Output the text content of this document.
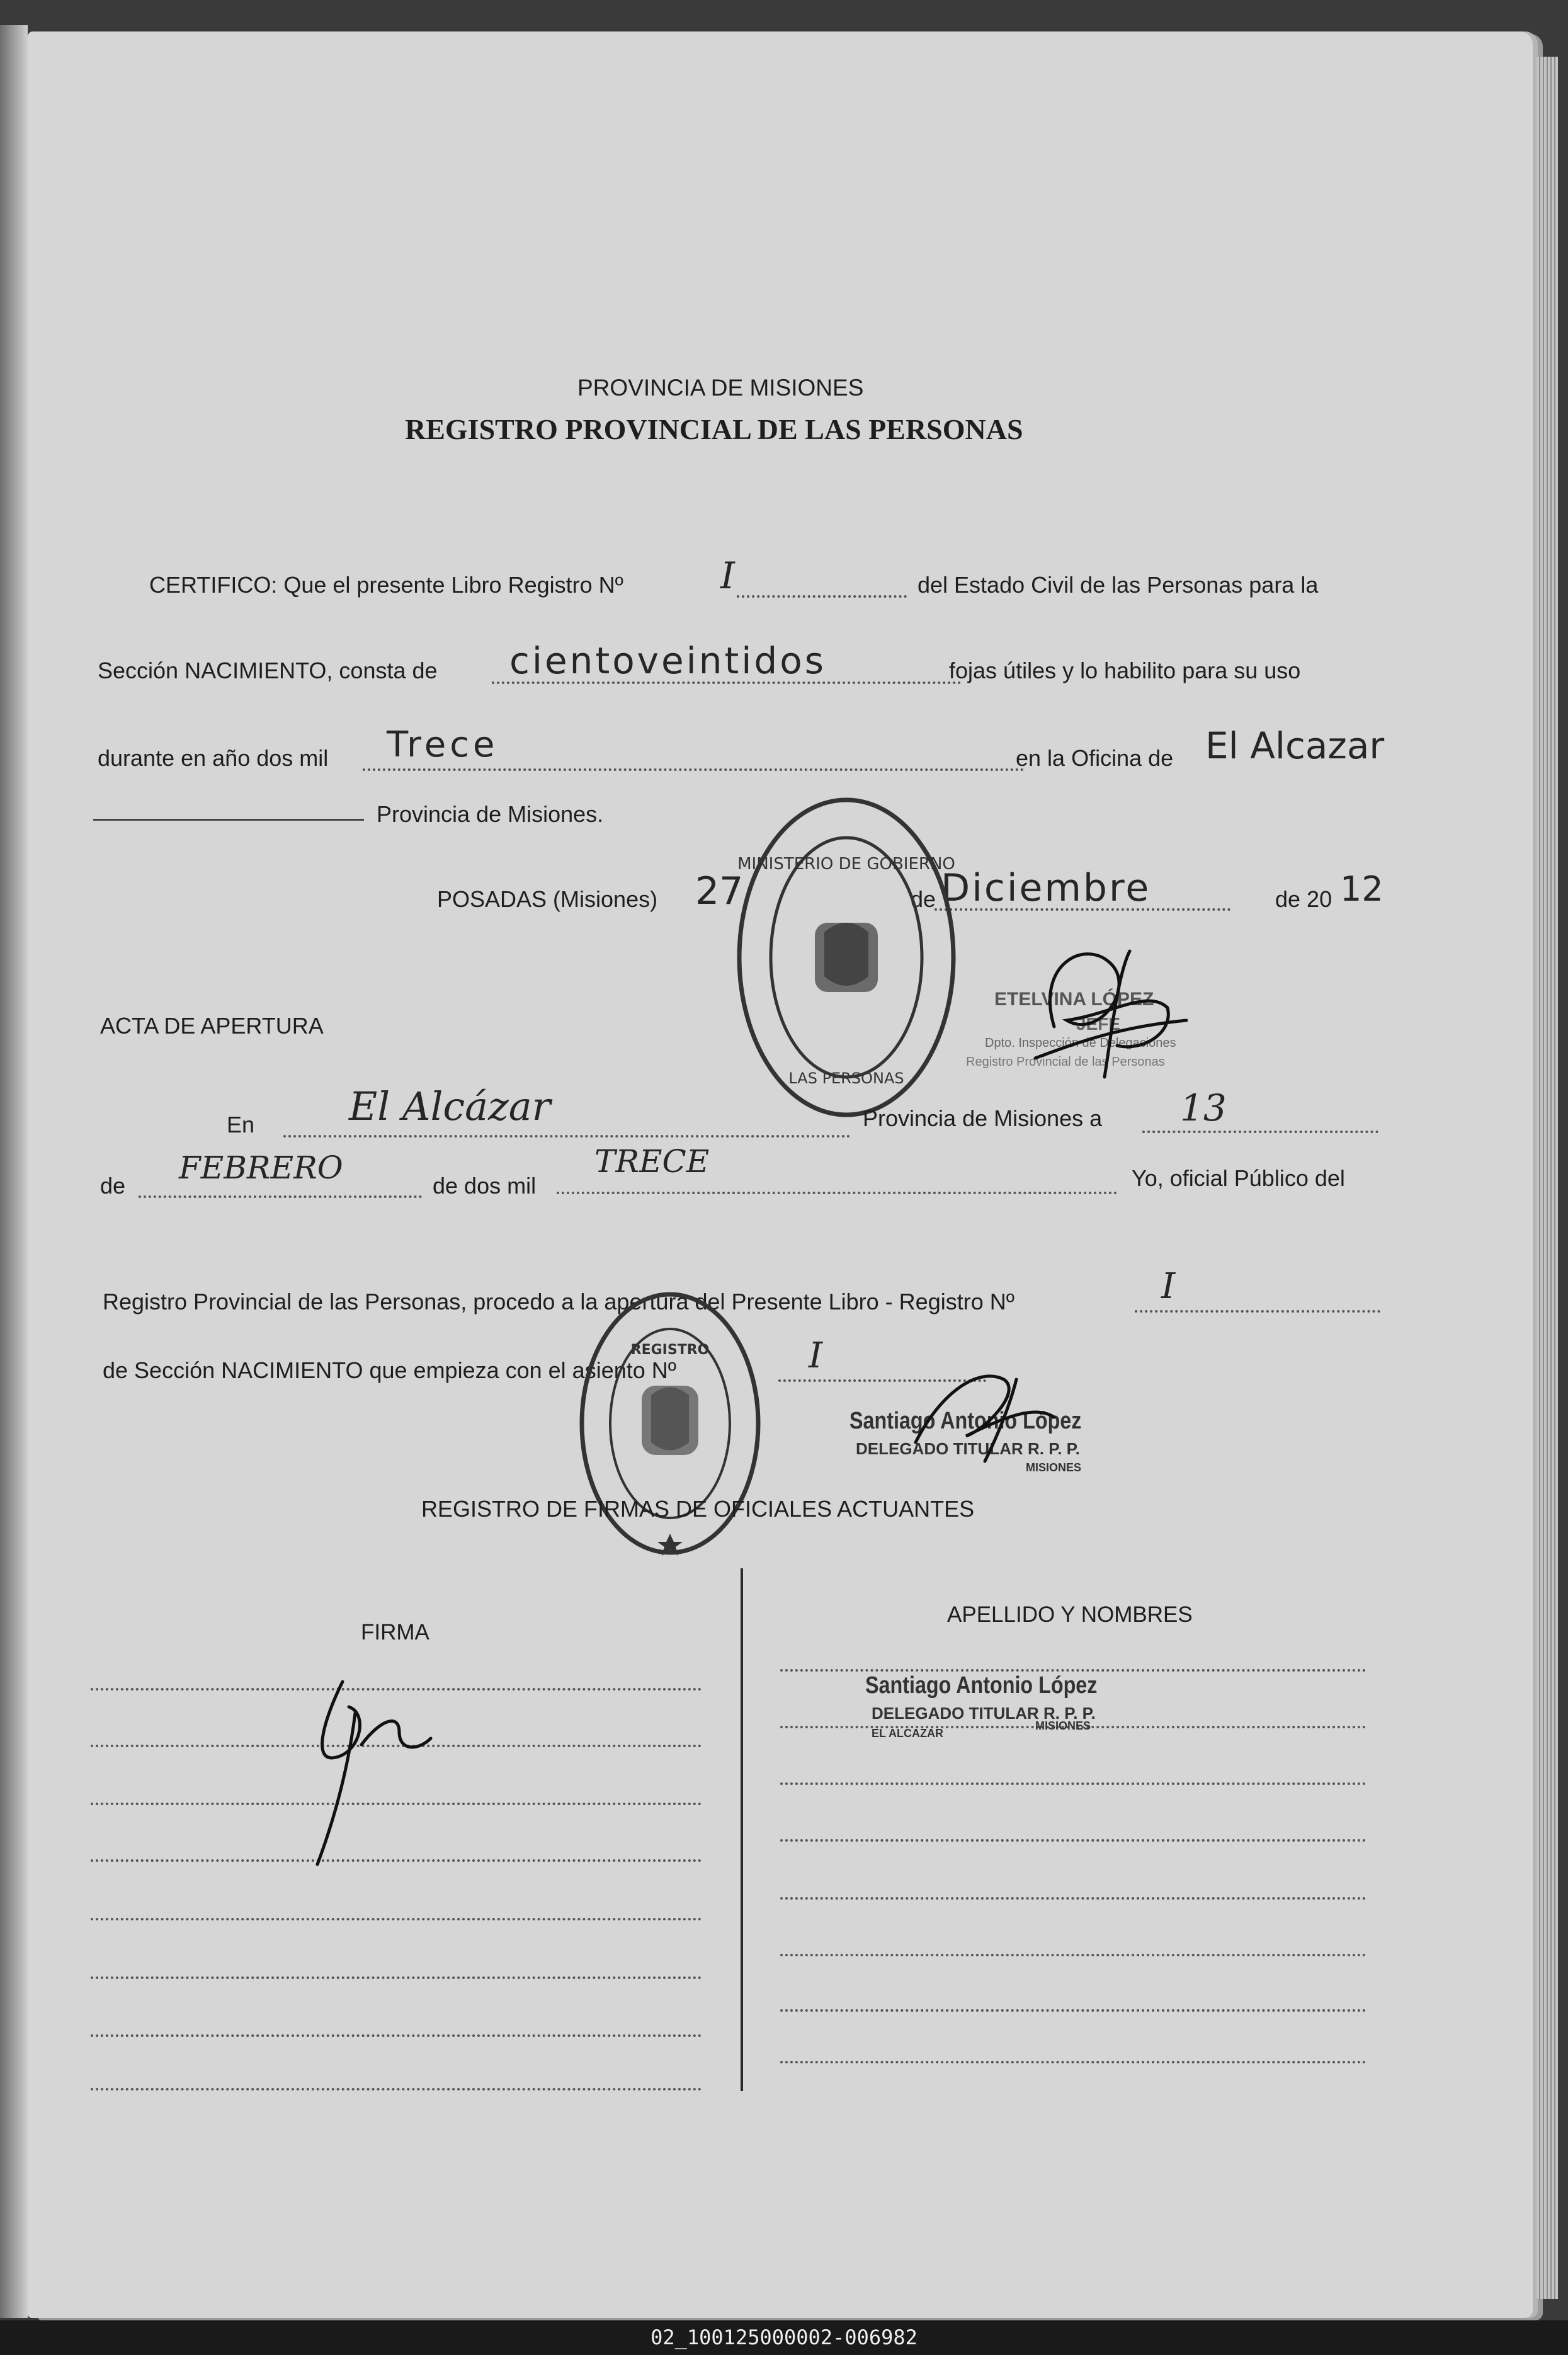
PROVINCIA DE MISIONES
REGISTRO PROVINCIAL DE LAS PERSONAS
CERTIFICO: Que el presente Libro Registro Nº	I	del Estado Civil de las Personas para la
Sección NACIMIENTO, consta de cientoveintidos	fojas útiles y lo habilito para su uso
durante en año dos mil Trece	en la Oficina de El Alcazar
Provincia de Misiones.
POSADAS (Misiones) 27	de Diciembre	de 20 12
MINISTERIO DE GOBIERNO
LAS PERSONAS
ETELVINA LÓPEZ
JEFE
Dpto. Inspección de Delegaciones
Registro Provincial de las Personas
ACTA DE APERTURA
En El Alcázar	Provincia de Misiones a 13
de FEBRERO	de dos mil
TRECE	Yo, oficial Público del
Registro Provincial de las Personas, procedo a la apertura del Presente Libro - Registro Nº	I
de Sección NACIMIENTO que empieza con el asiento Nº	I
REGISTRO
Santiago Antonio López
DELEGADO TITULAR R. P. P.
MISIONES
REGISTRO DE FIRMAS DE OFICIALES ACTUANTES
FIRMA
APELLIDO Y NOMBRES
Santiago Antonio López
DELEGADO TITULAR R. P. P.
EL ALCAZAR
MISIONES
02_100125000002-006982
